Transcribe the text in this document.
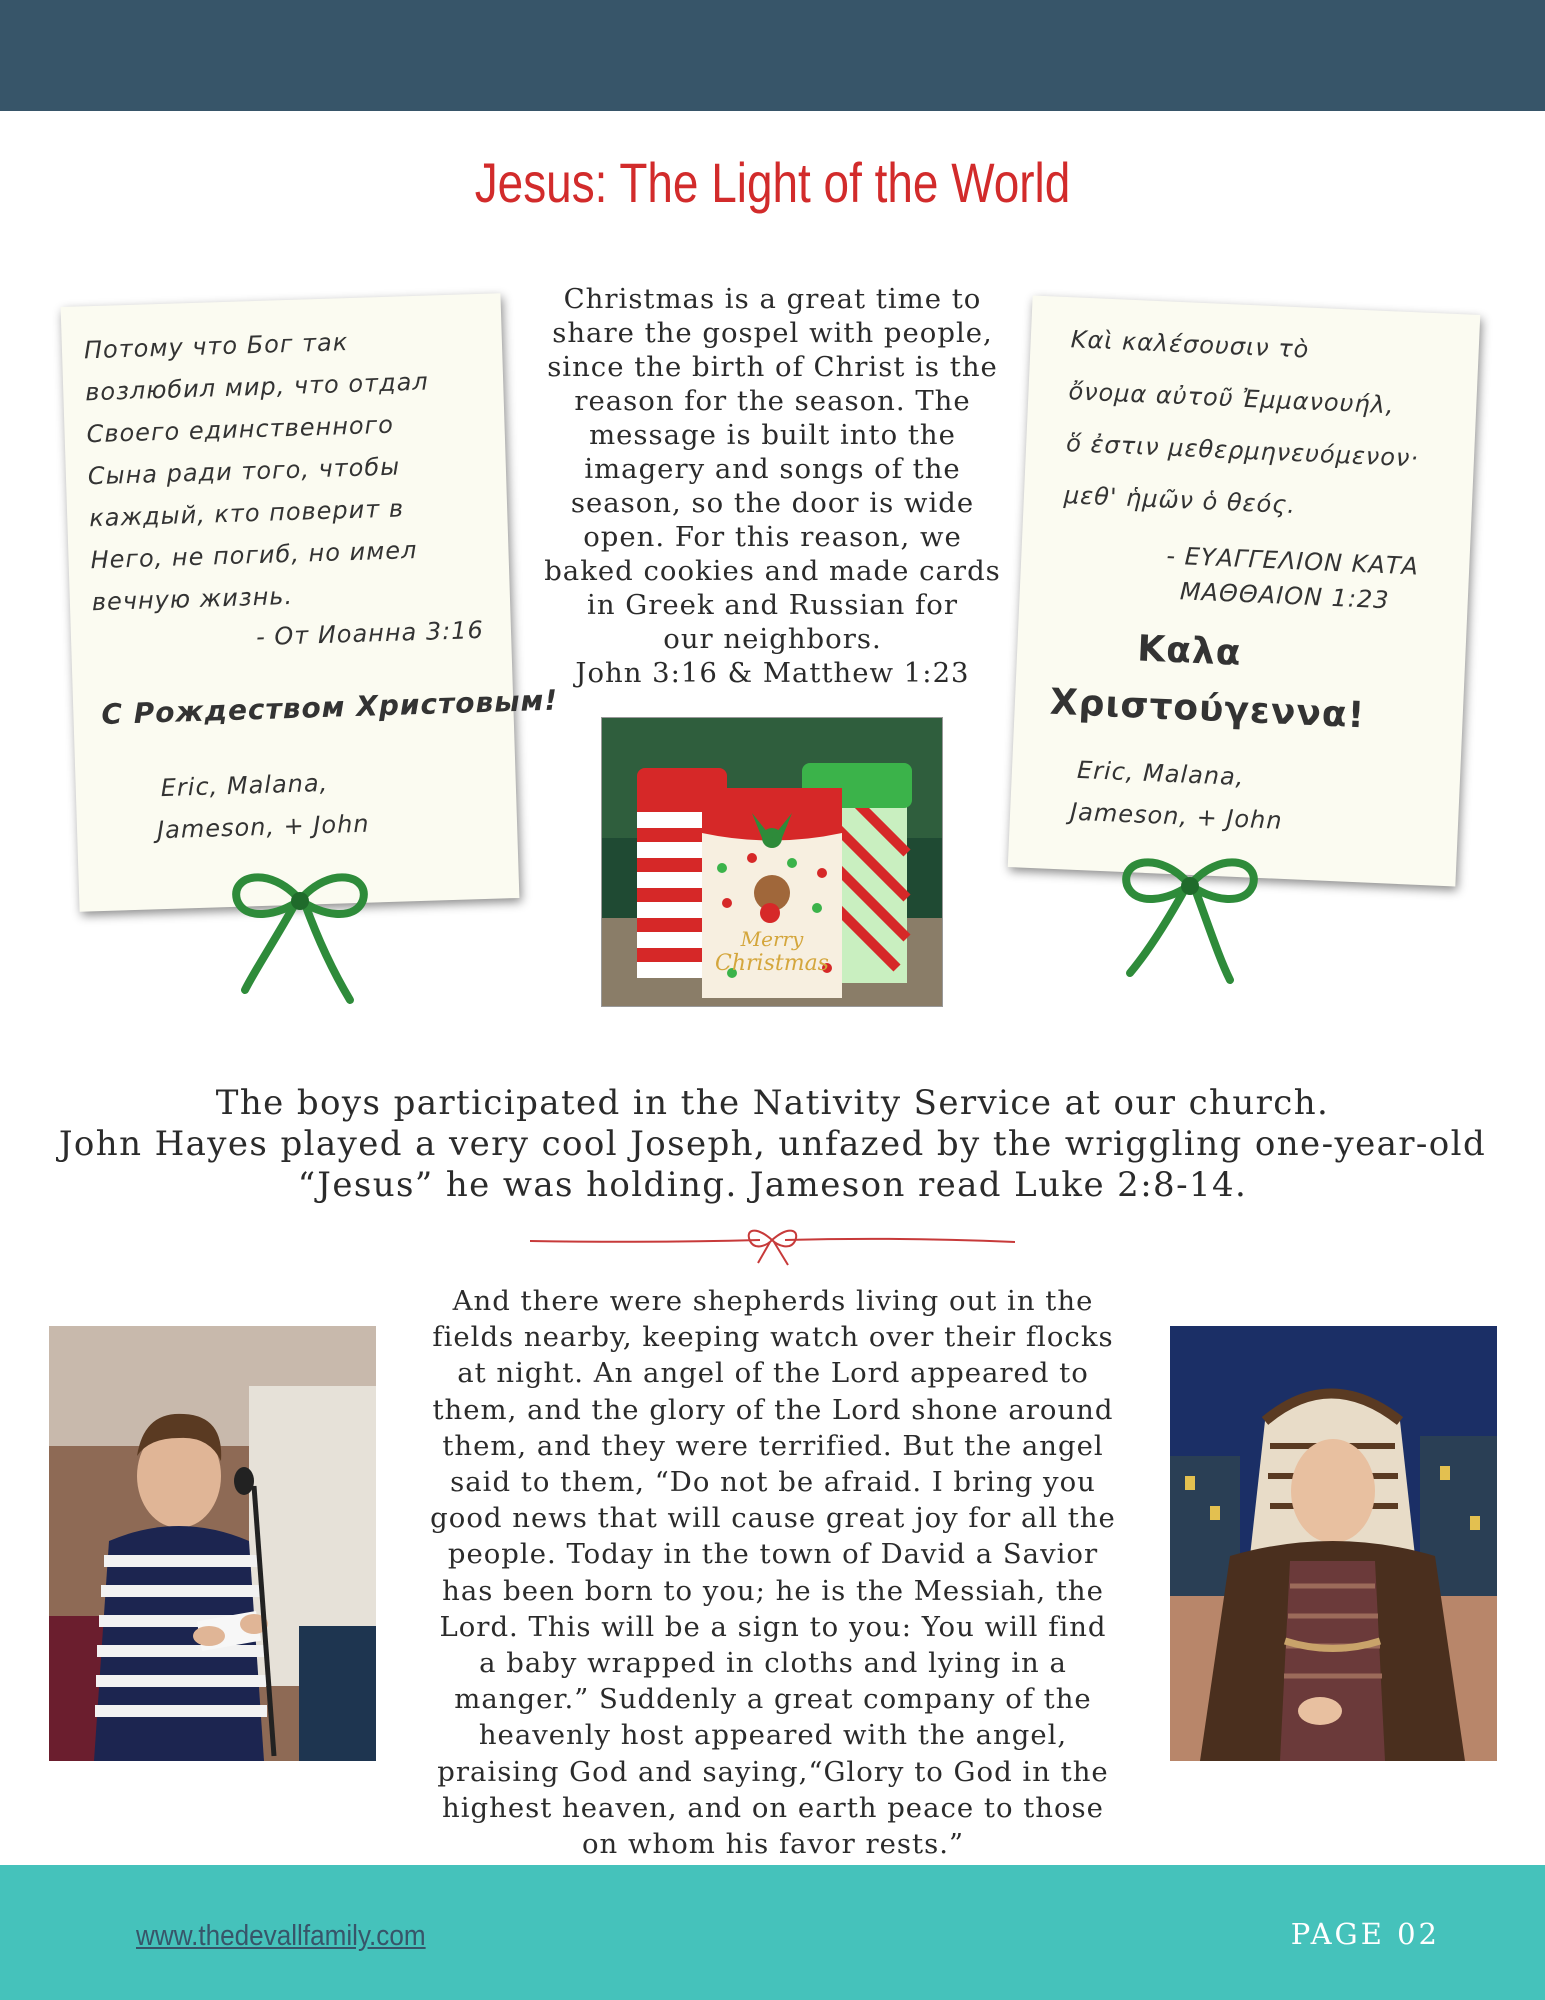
Jesus: The Light of the World
Потому что Бог так
возлюбил мир, что отдал
Своего единственного
Сына ради того, чтобы
каждый, кто поверит в
Него, не погиб, но имел
вечную жизнь.
- От Иоанна 3:16
С Рождеством Христовым!
Eric, Malana,
Jameson, + John
Christmas is a great time to
share the gospel with people,
since the birth of Christ is the
reason for the season. The
message is built into the
imagery and songs of the
season, so the door is wide
open. For this reason, we
baked cookies and made cards
in Greek and Russian for
our neighbors.
John 3:16 & Matthew 1:23
Merry
Christmas
Καὶ καλέσουσιν τὸ
ὄνομα αὐτοῦ Ἐμμανουήλ,
ὅ ἐστιν μεθερμηνευόμενον·
μεθ' ἡμῶν ὁ θεός.
- ΕΥΑΓΓΕΛΙΟΝ ΚΑΤΑ
ΜΑΘΘΑΙΟΝ 1:23
Καλα
Χριστούγεννα!
Eric, Malana,
Jameson, + John
The boys participated in the Nativity Service at our church.
John Hayes played a very cool Joseph, unfazed by the wriggling one-year-old
“Jesus” he was holding. Jameson read Luke 2:8-14.
And there were shepherds living out in the
fields nearby, keeping watch over their flocks
at night. An angel of the Lord appeared to
them, and the glory of the Lord shone around
them, and they were terrified. But the angel
said to them, “Do not be afraid. I bring you
good news that will cause great joy for all the
people. Today in the town of David a Savior
has been born to you; he is the Messiah, the
Lord. This will be a sign to you: You will find
a baby wrapped in cloths and lying in a
manger.” Suddenly a great company of the
heavenly host appeared with the angel,
praising God and saying,“Glory to God in the
highest heaven, and on earth peace to those
on whom his favor rests.”
www.thedevallfamily.com	PAGE 02
